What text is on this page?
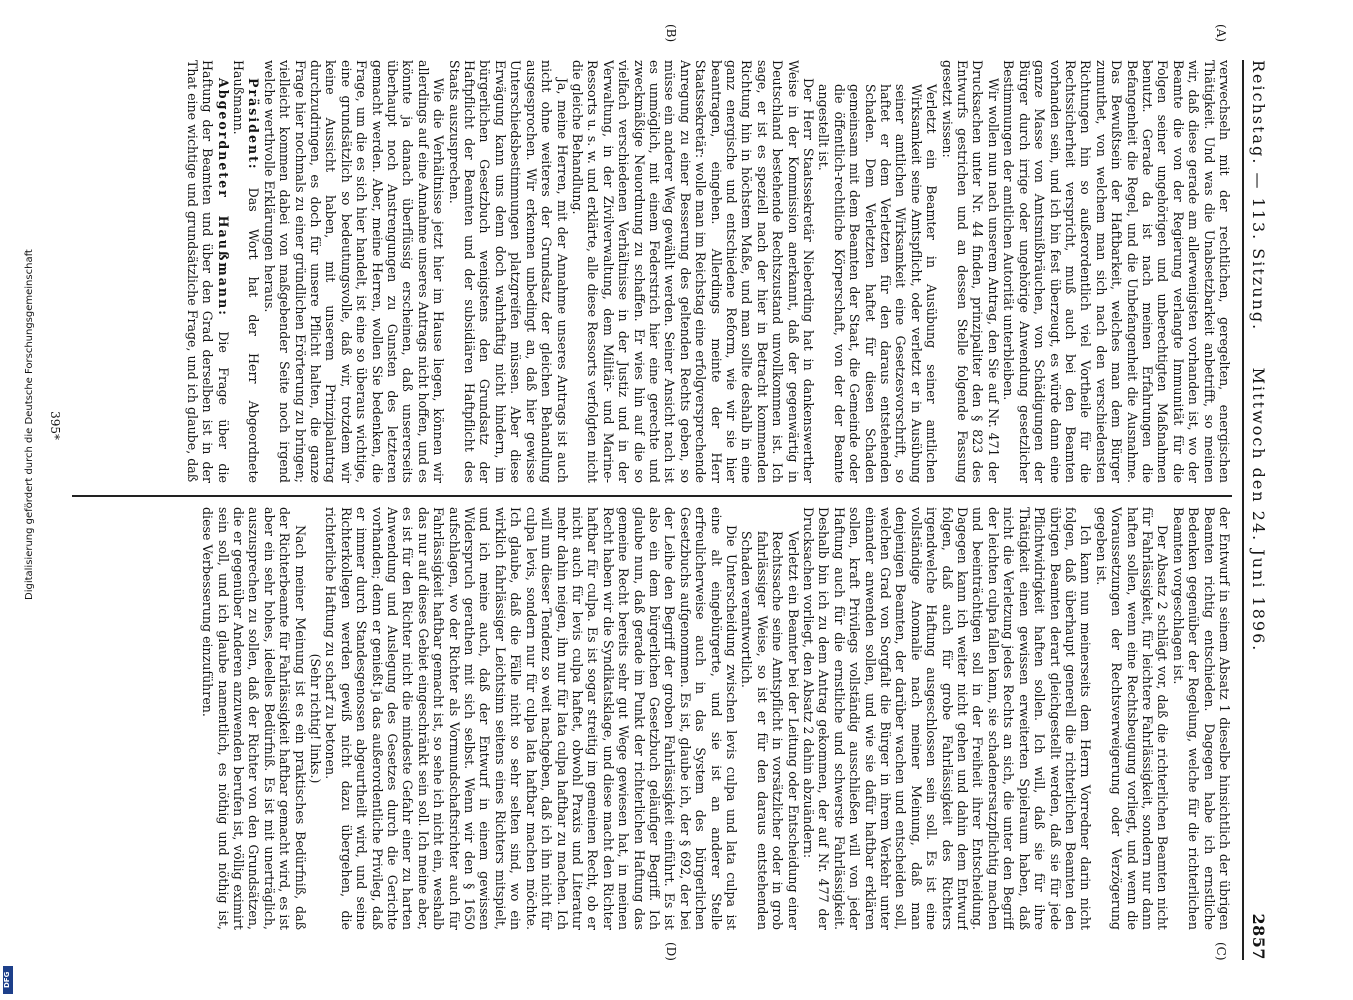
Digitalisierung gefördert durch die Deutsche Forschungsgemeinschaft
DFG
Reichstag. — 113. Sitzung.
Mittwoch den 24. Juni 1896.
2857
(A)
(B)
(C)
(D)

verwechseln mit der rechtlichen, geregelten, energischen Thätigkeit. Und was die Unabsetzbarkeit anbetrifft, so meinen wir, daß diese gerade am allerwenigsten vorhanden ist, wo der Beamte die von der Regierung verlangte Immunität für die Folgen seiner ungehörigen und unberechtigten Maßnahmen benutzt. Gerade da ist nach meinen Erfahrungen die Befangenheit die Regel, und die Unbefangenheit die Ausnahme. Das Bewußtsein der Haftbarkeit, welches man dem Bürger zumuthet, von welchem man sich nach den verschiedensten Richtungen hin so außerordentlich viel Vortheile für die Rechtssicherheit verspricht, muß auch bei den Beamten vorhanden sein, und ich bin fest überzeugt, es würde dann eine ganze Masse von Amtsmißbräuchen, von Schädigungen der Bürger durch irrige oder ungehörige Anwendung gesetzlicher Bestimmungen der amtlichen Autorität unterbleiben.

Wir wollen nun nach unserem Antrag, den Sie auf Nr. 471 der Drucksachen unter Nr. 44 finden, prinzipaliter den § 823 des Entwurfs gestrichen und an dessen Stelle folgende Fassung gesetzt wissen:

Verletzt ein Beamter in Ausübung seiner amtlichen Wirksamkeit seine Amtspflicht, oder verletzt er in Ausübung seiner amtlichen Wirksamkeit eine Gesetzesvorschrift, so haftet er dem Verletzten für den daraus entstehenden Schaden. Dem Verletzten haftet für diesen Schaden gemeinsam mit dem Beamten der Staat, die Gemeinde oder die öffentlich-rechtliche Körperschaft, von der der Beamte angestellt ist.

Der Herr Staatssekretär Nieberding hat in dankenswerther Weise in der Kommission anerkannt, daß der gegenwärtig in Deutschland bestehende Rechtszustand unvollkommen ist. Ich sage, er ist es speziell nach der hier in Betracht kommenden Richtung hin in höchstem Maße, und man sollte deshalb in eine ganz energische und entschiedene Reform, wie wir sie hier beantragen, eingehen. Allerdings meinte der Herr Staatssekretär: wolle man im Reichstag eine erfolgversprechende Anregung zu einer Besserung des geltenden Rechts geben, so müsse ein anderer Weg gewählt werden. Seiner Ansicht nach ist es unmöglich, mit einem Federstrich hier eine gerechte und zweckmäßige Neuordnung zu schaffen. Er wies hin auf die so vielfach verschiedenen Verhältnisse in der Justiz und in der Verwaltung, in der Zivilverwaltung, dem Militär- und Marine-Ressorts u. s. w. und erklärte, alle diese Ressorts verfolgten nicht die gleiche Behandlung.

Ja, meine Herren, mit der Annahme unseres Antrags ist auch nicht ohne weiteres der Grundsatz der gleichen Behandlung ausgesprochen. Wir erkennen unbedingt an, daß hier gewisse Unterschiedsbestimmungen platzgreifen müssen. Aber diese Erwägung kann uns denn doch wahrhaftig nicht hindern, im bürgerlichen Gesetzbuch wenigstens den Grundsatz der Haftpflicht der Beamten und der subsidiären Haftpflicht des Staats auszusprechen.

Wie die Verhältnisse jetzt hier im Hause liegen, können wir allerdings auf eine Annahme unseres Antrags nicht hoffen, und es könnte ja danach überflüssig erscheinen, daß unsererseits überhaupt noch Anstrengungen zu Gunsten des letzteren gemacht werden. Aber, meine Herren, wollen Sie bedenken, die Frage, um die es sich hier handelt, ist eine so überaus wichtige, eine grundsätzlich so bedeutungsvolle, daß wir, trotzdem wir keine Aussicht haben, mit unserem Prinzipalantrag durchzudringen, es doch für unsere Pflicht halten, die ganze Frage hier nochmals zu einer gründlichen Erörterung zu bringen; vielleicht kommen dabei von maßgebender Seite noch irgend welche werthvolle Erklärungen heraus.

Präsident: Das Wort hat der Herr Abgeordnete Haußmann.

Abgeordneter Haußmann: Die Frage über die Haftung der Beamten und über den Grad derselben ist in der That eine wichtige und grundsätzliche Frage, und ich glaube, daß

der Entwurf in seinem Absatz 1 dieselbe hinsichtlich der übrigen Beamten richtig entschieden. Dagegen habe ich ernstliche Bedenken gegenüber der Regelung, welche für die richterlichen Beamten vorgeschlagen ist.

Der Absatz 2 schlägt vor, daß die richterlichen Beamten nicht für Fahrlässigkeit, für leichtere Fahrlässigkeit, sondern nur dann haften sollen, wenn eine Rechtsbeugung vorliegt, und wenn die Voraussetzungen der Rechtsverweigerung oder Verzögerung gegeben ist.

Ich kann nun meinerseits dem Herrn Vorredner darin nicht folgen, daß überhaupt generell die richterlichen Beamten den übrigen Beamten derart gleichgestellt werden, daß sie für jede Pflichtwidrigkeit haften sollen. Ich will, daß sie für ihre Thätigkeit einen gewissen erweiterten Spielraum haben, daß nicht die Verletzung jedes Rechts an sich, die unter den Begriff der leichten culpa fallen kann, sie schadenersatzpflichtig machen und beeinträchtigen soll in der Freiheit ihrer Entscheidung. Dagegen kann ich weiter nicht gehen und dahin dem Entwurf folgen, daß auch für grobe Fahrlässigkeit des Richters irgendwelche Haftung ausgeschlossen sein soll. Es ist eine vollständige Anomalie nach meiner Meinung, daß man denjenigen Beamten, der darüber wachen und entscheiden soll, welchen Grad von Sorgfalt die Bürger in ihrem Verkehr unter einander anwenden sollen, und wie sie dafür haftbar erklären sollen, kraft Privilegs vollständig ausschließen will von jeder Haftung auch für die ernstliche und schwerste Fahrlässigkeit. Deshalb bin ich zu dem Antrag gekommen, der auf Nr. 477 der Drucksachen vorliegt, den Absatz 2 dahin abzuändern:

Verletzt ein Beamter bei der Leitung oder Entscheidung einer Rechtssache seine Amtspflicht in vorsätzlicher oder in grob fahrlässiger Weise, so ist er für den daraus entstehenden Schaden verantwortlich.

Die Unterscheidung zwischen levis culpa und lata culpa ist eine alt eingebürgerte, und sie ist an anderer Stelle erfreulicherweise auch in das System des bürgerlichen Gesetzbuchs aufgenommen. Es ist, glaube ich, der § 692, der bei der Leihe den Begriff der groben Fahrlässigkeit einführt. Es ist also ein dem bürgerlichen Gesetzbuch geläufiger Begriff. Ich glaube nun, daß gerade im Punkt der richterlichen Haftung das gemeine Recht bereits sehr gut Wege gewiesen hat, in meinen Recht haben wir die Syndikatsklage, und diese macht den Richter haftbar für culpa. Es ist sogar streitig im gemeinen Recht, ob er nicht auch für levis culpa haftet, obwohl Praxis und Literatur mehr dahin neigen, ihn nur für lata culpa haftbar zu machen. Ich will nun dieser Tendenz so weit nachgeben, daß ich ihn nicht für culpa levis, sondern nur für culpa lata haftbar machen möchte. Ich glaube, daß die Fälle nicht so sehr selten sind, wo ein wirklich fahrlässiger Leichtsinn seitens eines Richters mitspielt, und ich meine auch, daß der Entwurf in einem gewissen Widerspruch gerathen mit sich selbst. Wenn wir den § 1650 aufschlagen, wo der Richter als Vormundschaftsrichter auch für Fahrlässigkeit haftbar gemacht ist, so sehe ich nicht ein, weshalb das nur auf dieses Gebiet eingeschränkt sein soll. Ich meine aber, es ist für den Richter nicht die mindeste Gefahr einer zu harten Anwendung und Auslegung des Gesetzes durch die Gerichte vorhanden; denn er genießt ja das außerordentliche Privileg, daß er immer durch Standesgenossen abgeurtheilt wird, und seine Richterkollegen werden gewiß nicht dazu übergehen, die richterliche Haftung zu scharf zu betonen.

(Sehr richtig! links.)

Nach meiner Meinung ist es ein praktisches Bedürfniß, daß der Richterbeamte für Fahrlässigkeit haftbar gemacht wird, es ist aber ein sehr hohes, ideelles Bedürfniß. Es ist mit unerträglich, auszusprechen zu sollen, daß der Richter von den Grundsätzen, die er gegenüber Anderen anzuwenden berufen ist, völlig eximirt sein soll, und ich glaube namentlich, es nöthig und nöthig ist, diese Verbesserung einzuführen.

395*
